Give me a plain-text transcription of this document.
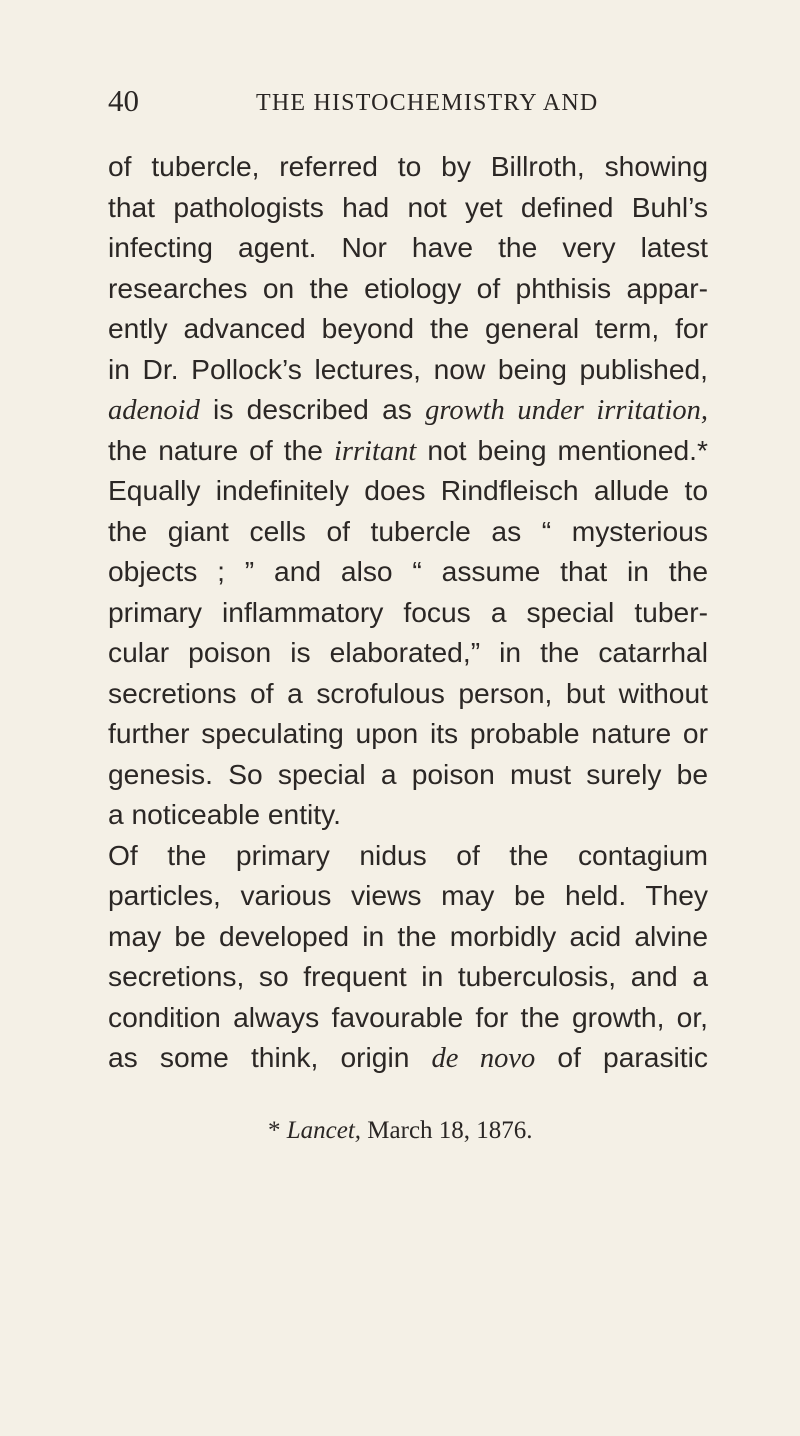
40	THE HISTOCHEMISTRY AND
of tubercle, referred to by Billroth, showing
that pathologists had not yet defined Buhl’s
infecting agent. Nor have the very latest
researches on the etiology of phthisis appar-
ently advanced beyond the general term, for
in Dr. Pollock’s lectures, now being published,
adenoid is described as growth under irritation,
the nature of the irritant not being mentioned.*
Equally indefinitely does Rindfleisch allude to
the giant cells of tubercle as “ mysterious
objects ; ” and also “ assume that in the
primary inflammatory focus a special tuber-
cular poison is elaborated,” in the catarrhal
secretions of a scrofulous person, but without
further speculating upon its probable nature or
genesis. So special a poison must surely be
a noticeable entity.
Of the primary nidus of the contagium
particles, various views may be held. They
may be developed in the morbidly acid alvine
secretions, so frequent in tuberculosis, and a
condition always favourable for the growth, or,
as some think, origin de novo of parasitic
* Lancet, March 18, 1876.
